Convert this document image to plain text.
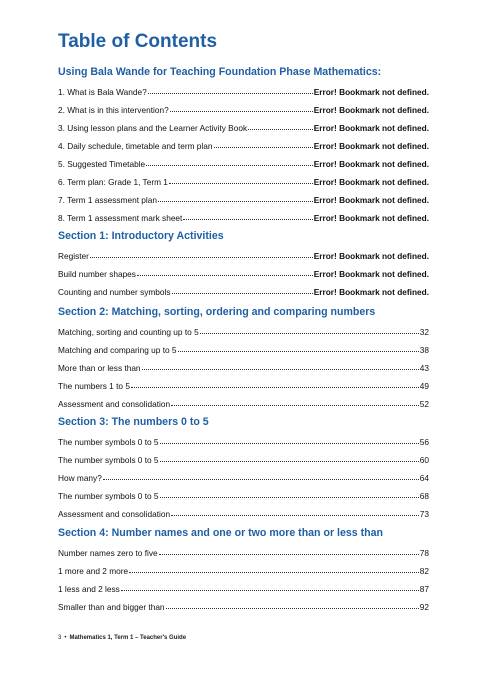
Table of Contents
Using Bala Wande for Teaching Foundation Phase Mathematics:
1. What is Bala Wande?	Error! Bookmark not defined.
2. What is in this intervention?	Error! Bookmark not defined.
3. Using lesson plans and the Learner Activity Book	Error! Bookmark not defined.
4. Daily schedule, timetable and term plan	Error! Bookmark not defined.
5. Suggested Timetable	Error! Bookmark not defined.
6. Term plan: Grade 1, Term 1	Error! Bookmark not defined.
7. Term 1 assessment plan	Error! Bookmark not defined.
8. Term 1 assessment mark sheet	Error! Bookmark not defined.
Section 1: Introductory Activities
Register	Error! Bookmark not defined.
Build number shapes	Error! Bookmark not defined.
Counting and number symbols	Error! Bookmark not defined.
Section 2: Matching, sorting, ordering and comparing numbers
Matching, sorting and counting up to 5	32
Matching and comparing up to 5	38
More than or less than	43
The numbers 1 to 5	49
Assessment and consolidation	52
Section 3: The numbers 0 to 5
The number symbols 0 to 5	56
The number symbols 0 to 5	60
How many?	64
The number symbols 0 to 5	68
Assessment and consolidation	73
Section 4: Number names and one or two more than or less than
Number names zero to five	78
1 more and 2 more	82
1 less and 2 less	87
Smaller than and bigger than	92
3 • Mathematics 1, Term 1 – Teacher's Guide
